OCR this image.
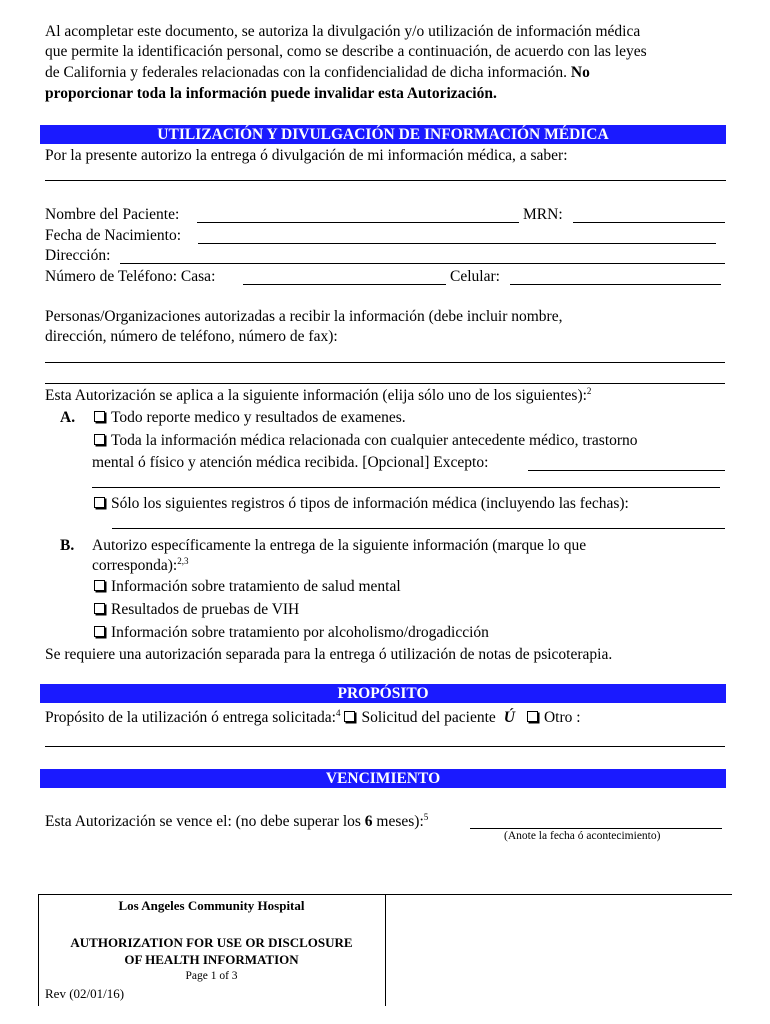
Al acompletar este documento, se autoriza la divulgación y/o utilización de información médica
que permite la identificación personal, como se describe a continuación, de acuerdo con las leyes
de California y federales relacionadas con la confidencialidad de dicha información. No
proporcionar toda la información puede invalidar esta Autorización.
UTILIZACIÓN Y DIVULGACIÓN DE INFORMACIÓN MÉDICA
Por la presente autorizo la entrega ó divulgación de mi información médica, a saber:
Nombre del Paciente:	MRN:
Fecha de Nacimiento:
Dirección:
Número de Teléfono: Casa:	Celular:
Personas/Organizaciones autorizadas a recibir la información (debe incluir nombre,
dirección, número de teléfono, número de fax):
Esta Autorización se aplica a la siguiente información (elija sólo uno de los siguientes):$^2$
A.	Todo reporte medico y resultados de examenes.
Toda la información médica relacionada con cualquier antecedente médico, trastorno
mental ó físico y atención médica recibida. [Opcional] Excepto:
Sólo los siguientes registros ó tipos de información médica (incluyendo las fechas):
B. Autorizo específicamente la entrega de la siguiente información (marque lo que
corresponda):$^{2,3}$
Información sobre tratamiento de salud mental
Resultados de pruebas de VIH
Información sobre tratamiento por alcoholismo/drogadicción
Se requiere una autorización separada para la entrega ó utilización de notas de psicoterapia.
PROPÓSITO
Propósito de la utilización ó entrega solicitada:$^4$ Solicitud del paciente Ú Otro :
VENCIMIENTO
Esta Autorización se vence el: (no debe superar los 6 meses):$^5$
(Anote la fecha ó acontecimiento)
Los Angeles Community Hospital
AUTHORIZATION FOR USE OR DISCLOSURE
OF HEALTH INFORMATION
Page 1 of 3
Rev (02/01/16)
